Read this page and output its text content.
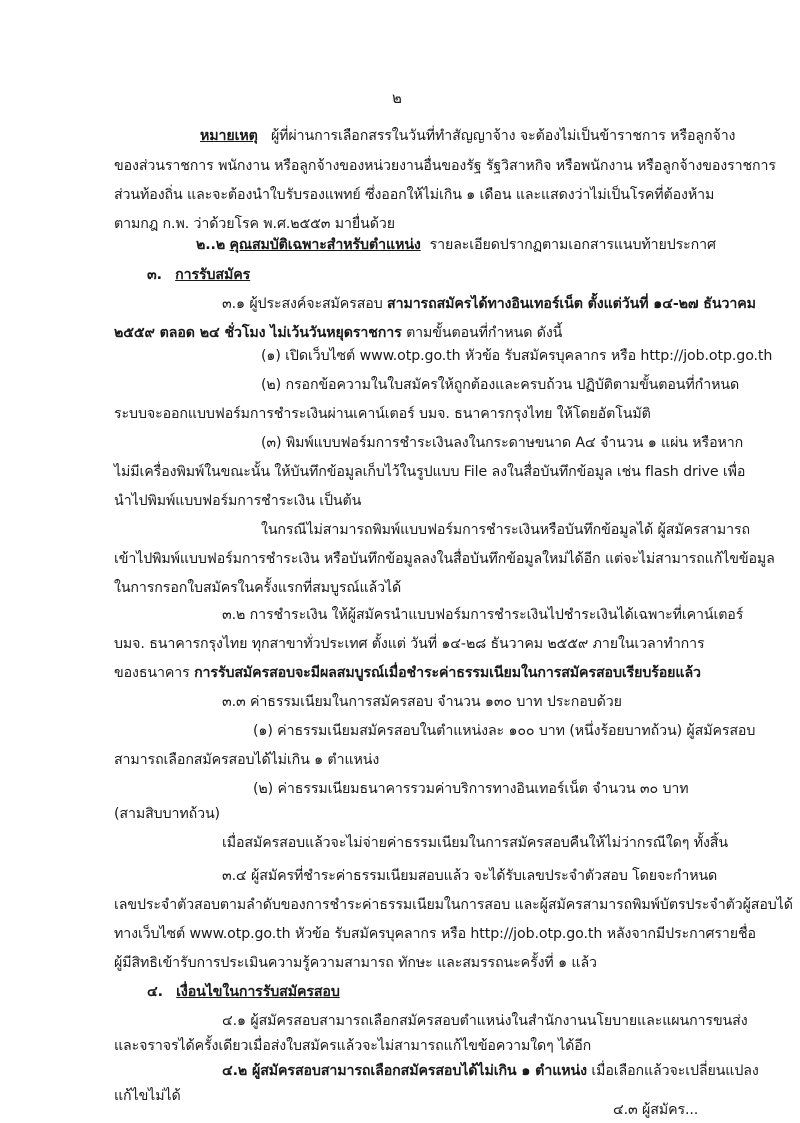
๒
หมายเหตุ ผู้ที่ผ่านการเลือกสรรในวันที่ทำสัญญาจ้าง จะต้องไม่เป็นข้าราชการ หรือลูกจ้าง
ของส่วนราชการ พนักงาน หรือลูกจ้างของหน่วยงานอื่นของรัฐ รัฐวิสาหกิจ หรือพนักงาน หรือลูกจ้างของราชการ
ส่วนท้องถิ่น และจะต้องนำใบรับรองแพทย์ ซึ่งออกให้ไม่เกิน ๑ เดือน และแสดงว่าไม่เป็นโรคที่ต้องห้าม
ตามกฎ ก.พ. ว่าด้วยโรค พ.ศ.๒๕๕๓ มายื่นด้วย
๒..๒ คุณสมบัติเฉพาะสำหรับตำแหน่ง รายละเอียดปรากฏตามเอกสารแนบท้ายประกาศ
๓. การรับสมัคร
๓.๑ ผู้ประสงค์จะสมัครสอบ สามารถสมัครได้ทางอินเทอร์เน็ต ตั้งแต่วันที่ ๑๔-๒๗ ธันวาคม
๒๕๕๙ ตลอด ๒๔ ชั่วโมง ไม่เว้นวันหยุดราชการ ตามขั้นตอนที่กำหนด ดังนี้
(๑) เปิดเว็บไซต์ www.otp.go.th หัวข้อ รับสมัครบุคลากร หรือ http://job.otp.go.th
(๒) กรอกข้อความในใบสมัครให้ถูกต้องและครบถ้วน ปฏิบัติตามขั้นตอนที่กำหนด
ระบบจะออกแบบฟอร์มการชำระเงินผ่านเคาน์เตอร์ บมจ. ธนาคารกรุงไทย ให้โดยอัตโนมัติ
(๓) พิมพ์แบบฟอร์มการชำระเงินลงในกระดาษขนาด A๔ จำนวน ๑ แผ่น หรือหาก
ไม่มีเครื่องพิมพ์ในขณะนั้น ให้บันทึกข้อมูลเก็บไว้ในรูปแบบ File ลงในสื่อบันทึกข้อมูล เช่น flash drive เพื่อ
นำไปพิมพ์แบบฟอร์มการชำระเงิน เป็นต้น
ในกรณีไม่สามารถพิมพ์แบบฟอร์มการชำระเงินหรือบันทึกข้อมูลได้ ผู้สมัครสามารถ
เข้าไปพิมพ์แบบฟอร์มการชำระเงิน หรือบันทึกข้อมูลลงในสื่อบันทึกข้อมูลใหม่ได้อีก แต่จะไม่สามารถแก้ไขข้อมูล
ในการกรอกใบสมัครในครั้งแรกที่สมบูรณ์แล้วได้
๓.๒ การชำระเงิน ให้ผู้สมัครนำแบบฟอร์มการชำระเงินไปชำระเงินได้เฉพาะที่เคาน์เตอร์
บมจ. ธนาคารกรุงไทย ทุกสาขาทั่วประเทศ ตั้งแต่ วันที่ ๑๔-๒๘ ธันวาคม ๒๕๕๙ ภายในเวลาทำการ
ของธนาคาร การรับสมัครสอบจะมีผลสมบูรณ์เมื่อชำระค่าธรรมเนียมในการสมัครสอบเรียบร้อยแล้ว
๓.๓ ค่าธรรมเนียมในการสมัครสอบ จำนวน ๑๓๐ บาท ประกอบด้วย
(๑) ค่าธรรมเนียมสมัครสอบในตำแหน่งละ ๑๐๐ บาท (หนึ่งร้อยบาทถ้วน) ผู้สมัครสอบ
สามารถเลือกสมัครสอบได้ไม่เกิน ๑ ตำแหน่ง
(๒) ค่าธรรมเนียมธนาคารรวมค่าบริการทางอินเทอร์เน็ต จำนวน ๓๐ บาท
(สามสิบบาทถ้วน)
เมื่อสมัครสอบแล้วจะไม่จ่ายค่าธรรมเนียมในการสมัครสอบคืนให้ไม่ว่ากรณีใดๆ ทั้งสิ้น
๓.๔ ผู้สมัครที่ชำระค่าธรรมเนียมสอบแล้ว จะได้รับเลขประจำตัวสอบ โดยจะกำหนด
เลขประจำตัวสอบตามลำดับของการชำระค่าธรรมเนียมในการสอบ และผู้สมัครสามารถพิมพ์บัตรประจำตัวผู้สอบได้
ทางเว็บไซต์ www.otp.go.th หัวข้อ รับสมัครบุคลากร หรือ http://job.otp.go.th หลังจากมีประกาศรายชื่อ
ผู้มีสิทธิเข้ารับการประเมินความรู้ความสามารถ ทักษะ และสมรรถนะครั้งที่ ๑ แล้ว
๔. เงื่อนไขในการรับสมัครสอบ
๔.๑ ผู้สมัครสอบสามารถเลือกสมัครสอบตำแหน่งในสำนักงานนโยบายและแผนการขนส่ง
และจราจรได้ครั้งเดียวเมื่อส่งใบสมัครแล้วจะไม่สามารถแก้ไขข้อความใดๆ ได้อีก
๔.๒ ผู้สมัครสอบสามารถเลือกสมัครสอบได้ไม่เกิน ๑ ตำแหน่ง เมื่อเลือกแล้วจะเปลี่ยนแปลง
แก้ไขไม่ได้
๔.๓ ผู้สมัคร...
